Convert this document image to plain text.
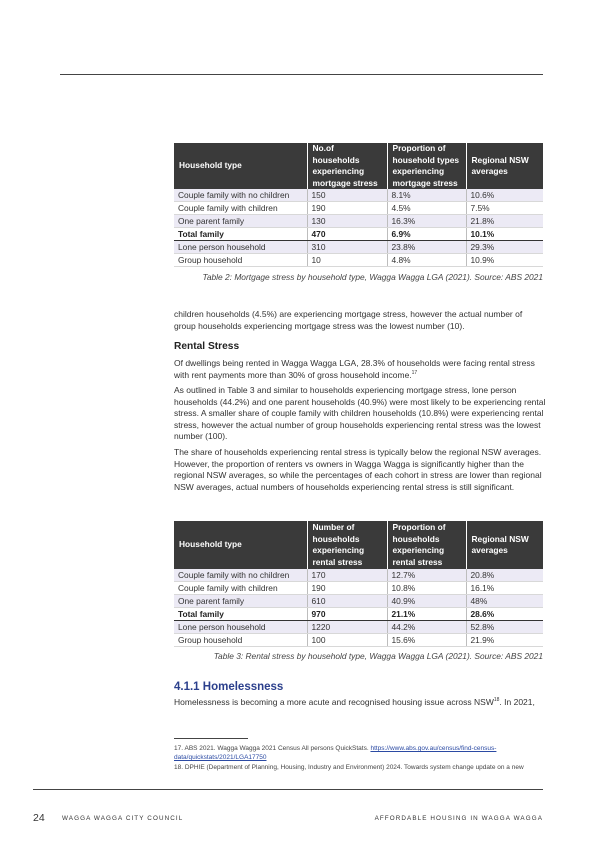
Household type	No.of households experiencing mortgage stress	Proportion of household types experiencing mortgage stress	Regional NSW averages
Couple family with no children	150	8.1%	10.6%
Couple family with children	190	4.5%	7.5%
One parent family	130	16.3%	21.8%
Total family	470	6.9%	10.1%
Lone person household	310	23.8%	29.3%
Group household	10	4.8%	10.9%
Table 2: Mortgage stress by household type, Wagga Wagga LGA (2021). Source: ABS 2021

children households (4.5%) are experiencing mortgage stress, however the actual number of group households experiencing mortgage stress was the lowest number (10).

Rental Stress

Of dwellings being rented in Wagga Wagga LGA, 28.3% of households were facing rental stress with rent payments more than 30% of gross household income.$^{17}$

As outlined in Table 3 and similar to households experiencing mortgage stress, lone person households (44.2%) and one parent households (40.9%) were most likely to be experiencing rental stress. A smaller share of couple family with children households (10.8%) were experiencing rental stress, however the actual number of group households experiencing rental stress was the lowest number (100).

The share of households experiencing rental stress is typically below the regional NSW averages. However, the proportion of renters vs owners in Wagga Wagga is significantly higher than the regional NSW averages, so while the percentages of each cohort in stress are lower than regional NSW averages, actual numbers of households experiencing rental stress is still significant.

Household type	Number of households experiencing rental stress	Proportion of households experiencing rental stress	Regional NSW averages
Couple family with no children	170	12.7%	20.8%
Couple family with children	190	10.8%	16.1%
One parent family	610	40.9%	48%
Total family	970	21.1%	28.6%
Lone person household	1220	44.2%	52.8%
Group household	100	15.6%	21.9%
Table 3: Rental stress by household type, Wagga Wagga LGA (2021). Source: ABS 2021
4.1.1 Homelessness

Homelessness is becoming a more acute and recognised housing issue across NSW$^{18}$. In 2021,

17. ABS 2021. Wagga Wagga 2021 Census All persons QuickStats. https://www.abs.gov.au/census/find-census-data/quickstats/2021/LGA17750

18. DPHIE (Department of Planning, Housing, Industry and Environment) 2024. Towards system change update on a new

24	WAGGA WAGGA CITY COUNCIL	AFFORDABLE HOUSING IN WAGGA WAGGA
